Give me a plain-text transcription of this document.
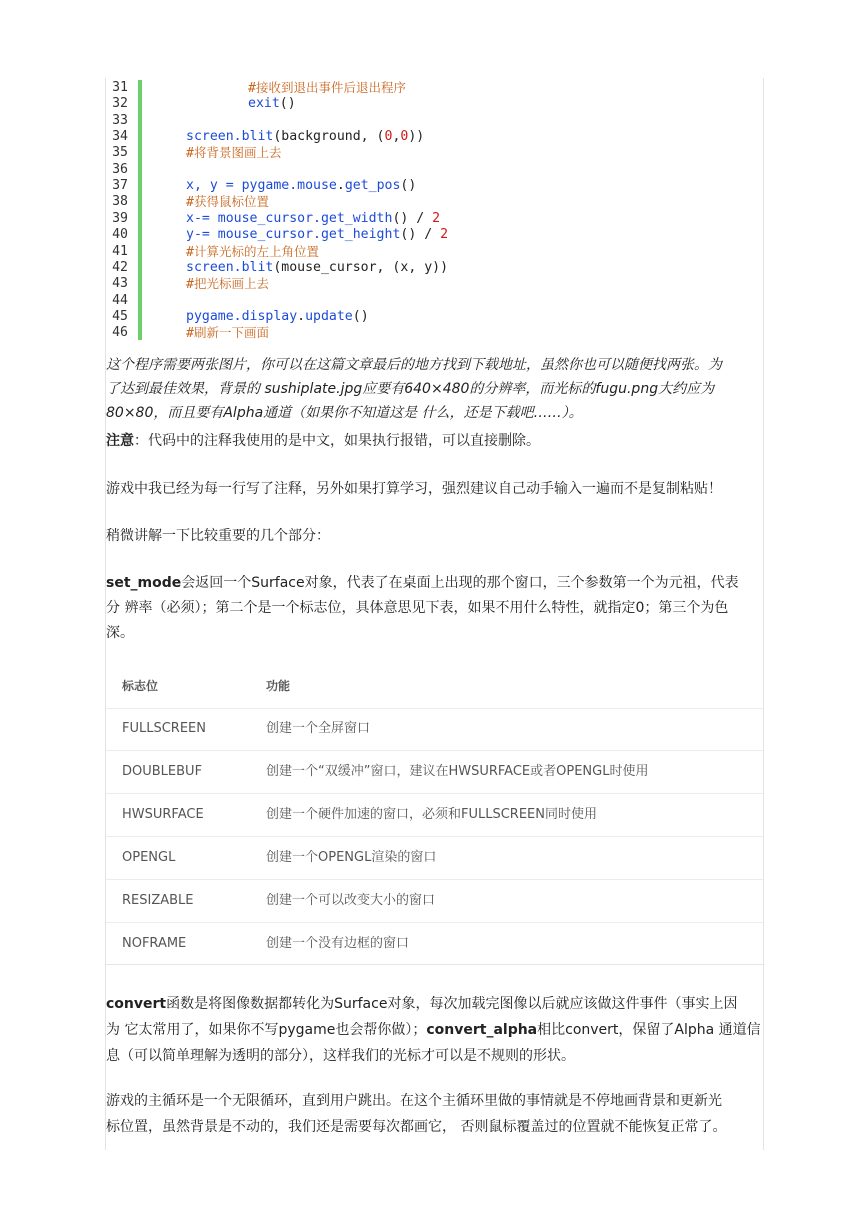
31	#接收到退出事件后退出程序
32	exit()
33
34	screen.blit(background, (0,0))
35	#将背景图画上去
36
37	x, y = pygame.mouse.get_pos()
38	#获得鼠标位置
39	x-= mouse_cursor.get_width() / 2
40	y-= mouse_cursor.get_height() / 2
41	#计算光标的左上角位置
42	screen.blit(mouse_cursor, (x, y))
43	#把光标画上去
44
45	pygame.display.update()
46	#刷新一下画面
这个程序需要两张图片，你可以在这篇文章最后的地方找到下载地址，虽然你也可以随便找两张。为
了达到最佳效果，背景的 sushiplate.jpg应要有640×480的分辨率，而光标的fugu.png大约应为
80×80，而且要有Alpha通道（如果你不知道这是 什么，还是下载吧……）。
注意：代码中的注释我使用的是中文，如果执行报错，可以直接删除。
游戏中我已经为每一行写了注释，另外如果打算学习，强烈建议自己动手输入一遍而不是复制粘贴！
稍微讲解一下比较重要的几个部分：
set_mode会返回一个Surface对象，代表了在桌面上出现的那个窗口，三个参数第一个为元祖，代表
分 辨率（必须）；第二个是一个标志位，具体意思见下表，如果不用什么特性，就指定0；第三个为色
深。
标志位	功能
FULLSCREEN	创建一个全屏窗口
DOUBLEBUF	创建一个“双缓冲”窗口，建议在HWSURFACE或者OPENGL时使用
HWSURFACE	创建一个硬件加速的窗口，必须和FULLSCREEN同时使用
OPENGL	创建一个OPENGL渲染的窗口
RESIZABLE	创建一个可以改变大小的窗口
NOFRAME	创建一个没有边框的窗口
convert函数是将图像数据都转化为Surface对象，每次加载完图像以后就应该做这件事件（事实上因
为 它太常用了，如果你不写pygame也会帮你做）；convert_alpha相比convert，保留了Alpha 通道信
息（可以简单理解为透明的部分），这样我们的光标才可以是不规则的形状。
游戏的主循环是一个无限循环，直到用户跳出。在这个主循环里做的事情就是不停地画背景和更新光
标位置，虽然背景是不动的，我们还是需要每次都画它， 否则鼠标覆盖过的位置就不能恢复正常了。
